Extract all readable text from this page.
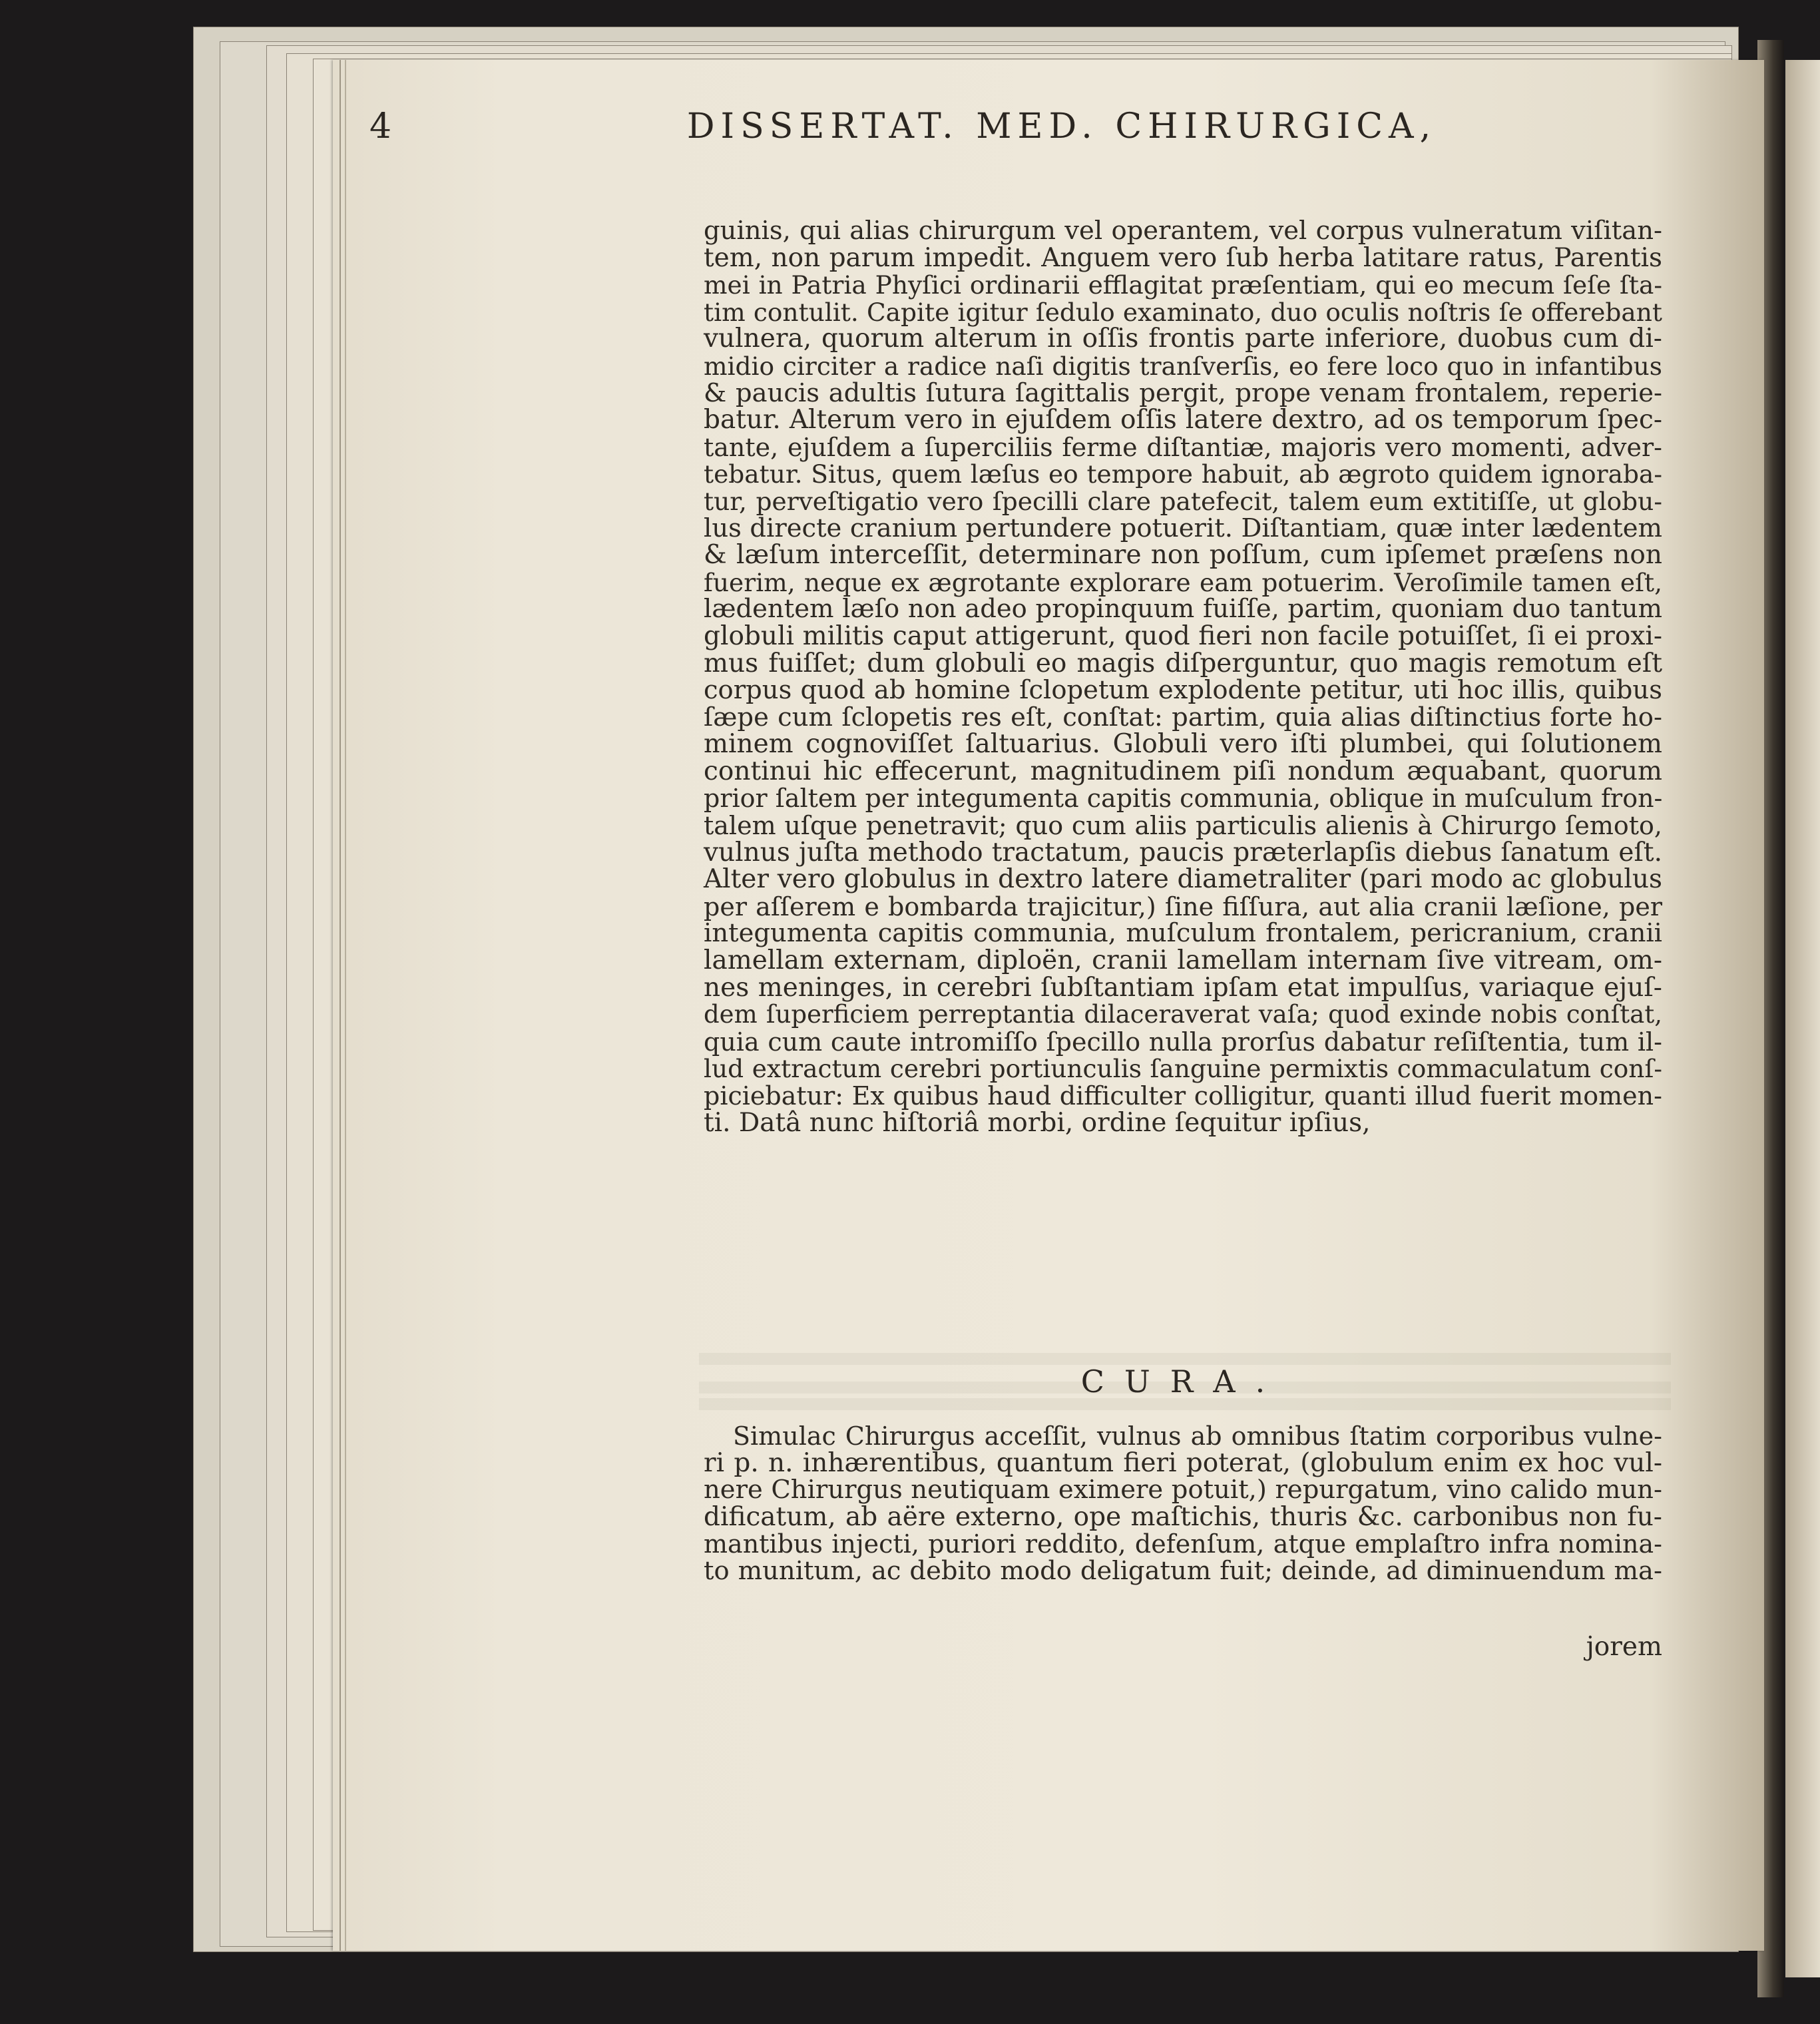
4	DISSERTAT. MED. CHIRURGICA,
guinis, qui alias chirurgum vel operantem, vel corpus vulneratum viſitan-
tem, non parum impedit. Anguem vero ſub herba latitare ratus, Parentis
mei in Patria Phyſici ordinarii efflagitat præſentiam, qui eo mecum ſeſe ſta-
tim contulit. Capite igitur ſedulo examinato, duo oculis noſtris ſe offerebant
vulnera, quorum alterum in oſſis frontis parte inferiore, duobus cum di-
midio circiter a radice naſi digitis tranſverſis, eo fere loco quo in infantibus
& paucis adultis ſutura ſagittalis pergit, prope venam frontalem, reperie-
batur. Alterum vero in ejuſdem oſſis latere dextro, ad os temporum ſpec-
tante, ejuſdem a ſuperciliis ferme diſtantiæ, majoris vero momenti, adver-
tebatur. Situs, quem læſus eo tempore habuit, ab ægroto quidem ignoraba-
tur, perveſtigatio vero ſpecilli clare patefecit, talem eum extitiſſe, ut globu-
lus directe cranium pertundere potuerit. Diſtantiam, quæ inter lædentem
& læſum interceſſit, determinare non poſſum, cum ipſemet præſens non
fuerim, neque ex ægrotante explorare eam potuerim. Veroſimile tamen eſt,
lædentem læſo non adeo propinquum fuiſſe, partim, quoniam duo tantum
globuli militis caput attigerunt, quod fieri non facile potuiſſet, ſi ei proxi-
mus fuiſſet; dum globuli eo magis diſperguntur, quo magis remotum eſt
corpus quod ab homine ſclopetum explodente petitur, uti hoc illis, quibus
ſæpe cum ſclopetis res eſt, conſtat: partim, quia alias diſtinctius forte ho-
minem cognoviſſet ſaltuarius. Globuli vero iſti plumbei, qui ſolutionem
continui hic effecerunt, magnitudinem piſi nondum æquabant, quorum
prior ſaltem per integumenta capitis communia, oblique in muſculum fron-
talem uſque penetravit; quo cum aliis particulis alienis à Chirurgo ſemoto,
vulnus juſta methodo tractatum, paucis præterlapſis diebus ſanatum eſt.
Alter vero globulus in dextro latere diametraliter (pari modo ac globulus
per aſſerem e bombarda trajicitur,) ſine fiſſura, aut alia cranii læſione, per
integumenta capitis communia, muſculum frontalem, pericranium, cranii
lamellam externam, diploën, cranii lamellam internam ſive vitream, om-
nes meninges, in cerebri ſubſtantiam ipſam etat impulſus, variaque ejuſ-
dem ſuperficiem perreptantia dilaceraverat vaſa; quod exinde nobis conſtat,
quia cum caute intromiſſo ſpecillo nulla prorſus dabatur reſiſtentia, tum il-
lud extractum cerebri portiunculis ſanguine permixtis commaculatum conſ-
piciebatur: Ex quibus haud difficulter colligitur, quanti illud fuerit momen-
ti. Datâ nunc hiſtoriâ morbi, ordine ſequitur ipſius,
CURA.
Simulac Chirurgus acceſſit, vulnus ab omnibus ſtatim corporibus vulne-
ri p. n. inhærentibus, quantum fieri poterat, (globulum enim ex hoc vul-
nere Chirurgus neutiquam eximere potuit,) repurgatum, vino calido mun-
dificatum, ab aëre externo, ope maſtichis, thuris &c. carbonibus non fu-
mantibus injecti, puriori reddito, defenſum, atque emplaſtro infra nomina-
to munitum, ac debito modo deligatum fuit; deinde, ad diminuendum ma-
jorem
